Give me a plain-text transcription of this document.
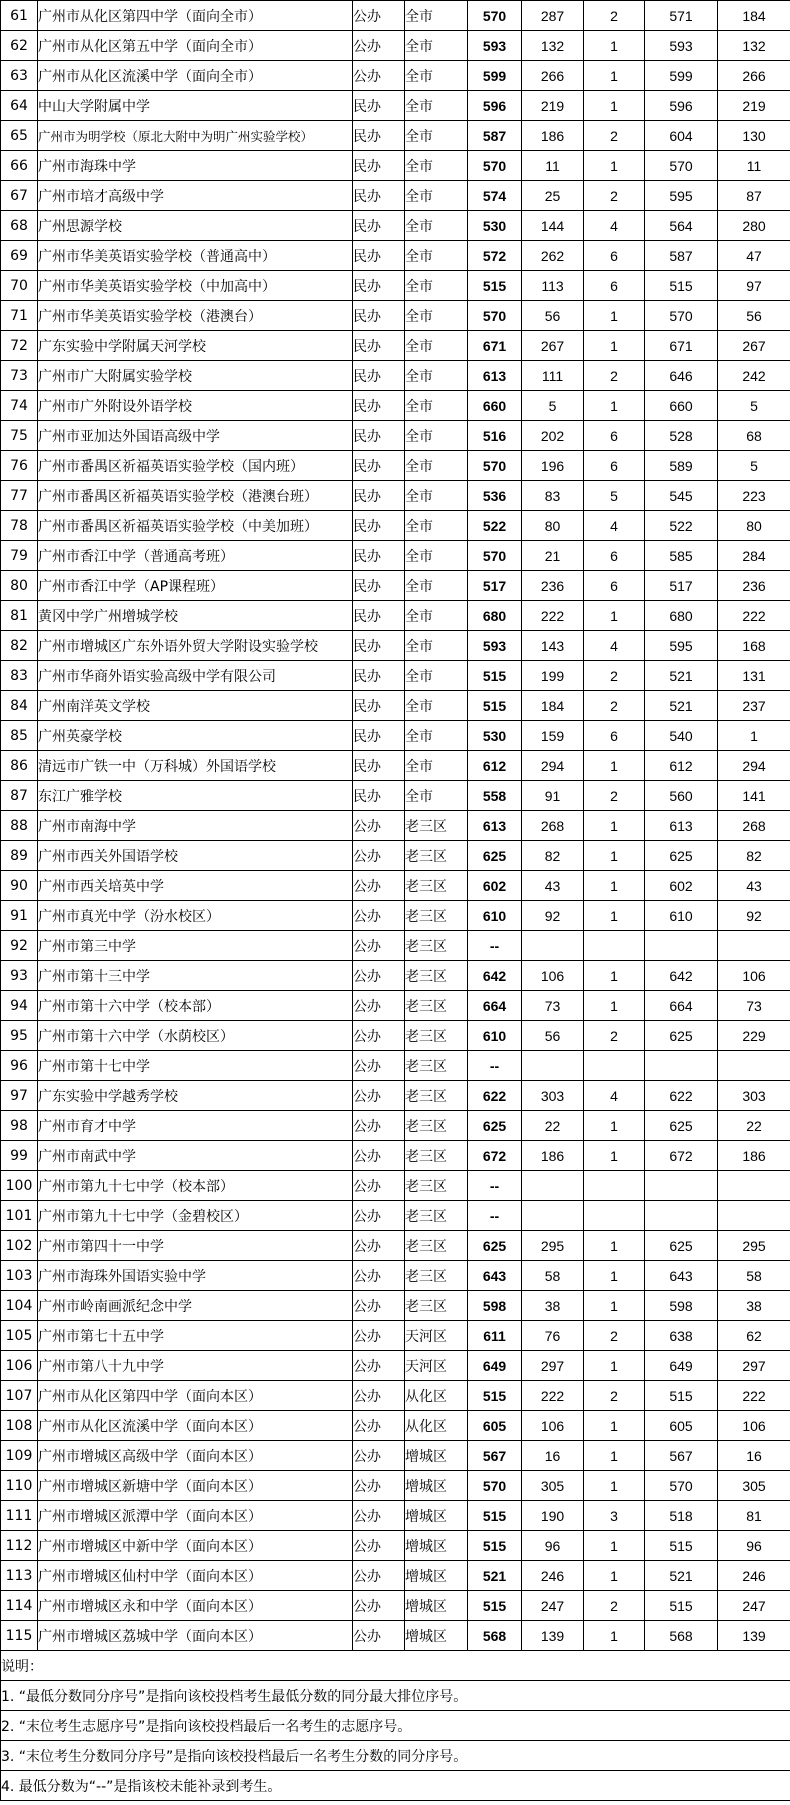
61	广州市从化区第四中学（面向全市）	公办	全市	570	287	2	571	184
62	广州市从化区第五中学（面向全市）	公办	全市	593	132	1	593	132
63	广州市从化区流溪中学（面向全市）	公办	全市	599	266	1	599	266
64	中山大学附属中学	民办	全市	596	219	1	596	219
65	广州市为明学校（原北大附中为明广州实验学校）	民办	全市	587	186	2	604	130
66	广州市海珠中学	民办	全市	570	11	1	570	11
67	广州市培才高级中学	民办	全市	574	25	2	595	87
68	广州思源学校	民办	全市	530	144	4	564	280
69	广州市华美英语实验学校（普通高中）	民办	全市	572	262	6	587	47
70	广州市华美英语实验学校（中加高中）	民办	全市	515	113	6	515	97
71	广州市华美英语实验学校（港澳台）	民办	全市	570	56	1	570	56
72	广东实验中学附属天河学校	民办	全市	671	267	1	671	267
73	广州市广大附属实验学校	民办	全市	613	111	2	646	242
74	广州市广外附设外语学校	民办	全市	660	5	1	660	5
75	广州市亚加达外国语高级中学	民办	全市	516	202	6	528	68
76	广州市番禺区祈福英语实验学校（国内班）	民办	全市	570	196	6	589	5
77	广州市番禺区祈福英语实验学校（港澳台班）	民办	全市	536	83	5	545	223
78	广州市番禺区祈福英语实验学校（中美加班）	民办	全市	522	80	4	522	80
79	广州市香江中学（普通高考班）	民办	全市	570	21	6	585	284
80	广州市香江中学（AP课程班）	民办	全市	517	236	6	517	236
81	黄冈中学广州增城学校	民办	全市	680	222	1	680	222
82	广州市增城区广东外语外贸大学附设实验学校	民办	全市	593	143	4	595	168
83	广州市华商外语实验高级中学有限公司	民办	全市	515	199	2	521	131
84	广州南洋英文学校	民办	全市	515	184	2	521	237
85	广州英豪学校	民办	全市	530	159	6	540	1
86	清远市广铁一中（万科城）外国语学校	民办	全市	612	294	1	612	294
87	东江广雅学校	民办	全市	558	91	2	560	141
88	广州市南海中学	公办	老三区	613	268	1	613	268
89	广州市西关外国语学校	公办	老三区	625	82	1	625	82
90	广州市西关培英中学	公办	老三区	602	43	1	602	43
91	广州市真光中学（汾水校区）	公办	老三区	610	92	1	610	92
92	广州市第三中学	公办	老三区	--				
93	广州市第十三中学	公办	老三区	642	106	1	642	106
94	广州市第十六中学（校本部）	公办	老三区	664	73	1	664	73
95	广州市第十六中学（水荫校区）	公办	老三区	610	56	2	625	229
96	广州市第十七中学	公办	老三区	--				
97	广东实验中学越秀学校	公办	老三区	622	303	4	622	303
98	广州市育才中学	公办	老三区	625	22	1	625	22
99	广州市南武中学	公办	老三区	672	186	1	672	186
100	广州市第九十七中学（校本部）	公办	老三区	--				
101	广州市第九十七中学（金碧校区）	公办	老三区	--				
102	广州市第四十一中学	公办	老三区	625	295	1	625	295
103	广州市海珠外国语实验中学	公办	老三区	643	58	1	643	58
104	广州市岭南画派纪念中学	公办	老三区	598	38	1	598	38
105	广州市第七十五中学	公办	天河区	611	76	2	638	62
106	广州市第八十九中学	公办	天河区	649	297	1	649	297
107	广州市从化区第四中学（面向本区）	公办	从化区	515	222	2	515	222
108	广州市从化区流溪中学（面向本区）	公办	从化区	605	106	1	605	106
109	广州市增城区高级中学（面向本区）	公办	增城区	567	16	1	567	16
110	广州市增城区新塘中学（面向本区）	公办	增城区	570	305	1	570	305
111	广州市增城区派潭中学（面向本区）	公办	增城区	515	190	3	518	81
112	广州市增城区中新中学（面向本区）	公办	增城区	515	96	1	515	96
113	广州市增城区仙村中学（面向本区）	公办	增城区	521	246	1	521	246
114	广州市增城区永和中学（面向本区）	公办	增城区	515	247	2	515	247
115	广州市增城区荔城中学（面向本区）	公办	增城区	568	139	1	568	139
说明：								
1. “最低分数同分序号”是指向该校投档考生最低分数的同分最大排位序号。								
2. “末位考生志愿序号”是指向该校投档最后一名考生的志愿序号。								
3. “末位考生分数同分序号”是指向该校投档最后一名考生分数的同分序号。								
4. 最低分数为“--”是指该校未能补录到考生。								
